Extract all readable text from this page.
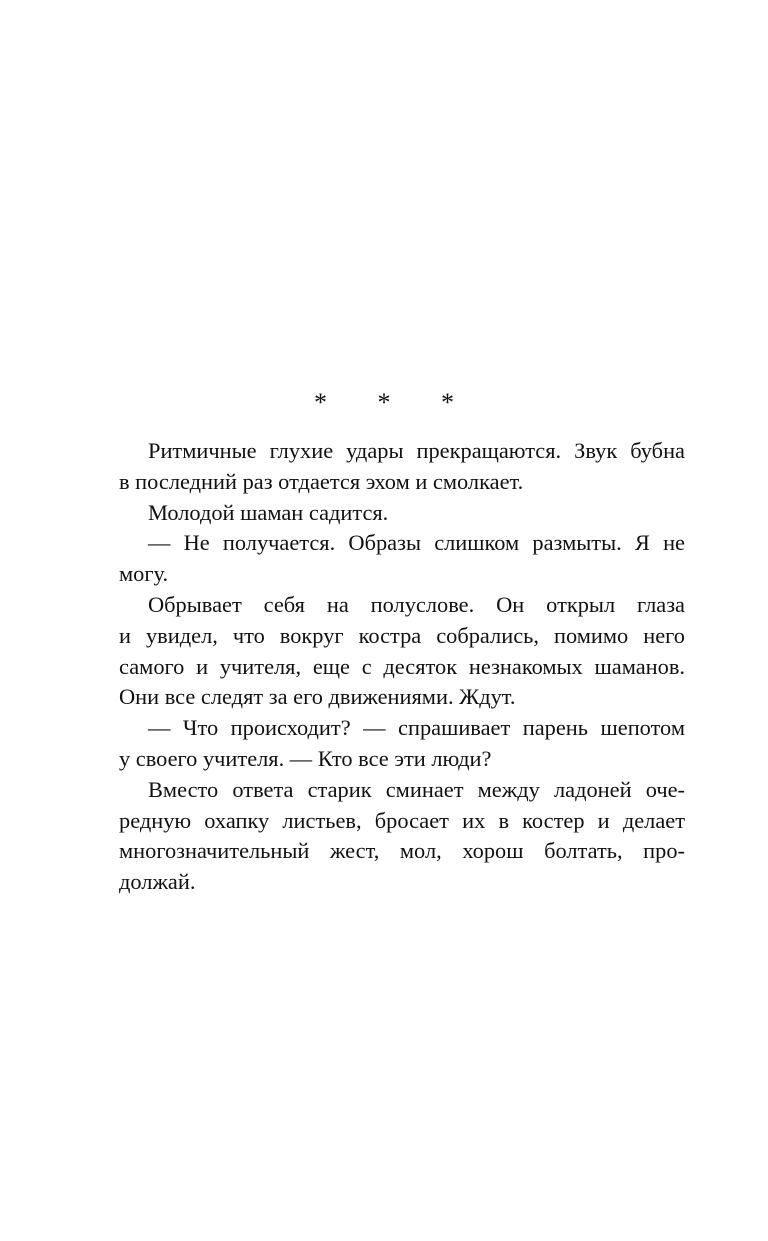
* * *

Ритмичные глухие удары прекращаются. Звук бубна
в последний раз отдается эхом и смолкает.

Молодой шаман садится.

— Не получается. Образы слишком размыты. Я не
могу.

Обрывает себя на полуслове. Он открыл глаза
и увидел, что вокруг костра собрались, помимо него
самого и учителя, еще с десяток незнакомых шаманов.
Они все следят за его движениями. Ждут.

— Что происходит? — спрашивает парень шепотом
у своего учителя. — Кто все эти люди?

Вместо ответа старик сминает между ладоней оче-
редную охапку листьев, бросает их в костер и делает
многозначительный жест, мол, хорош болтать, про-
должай.
